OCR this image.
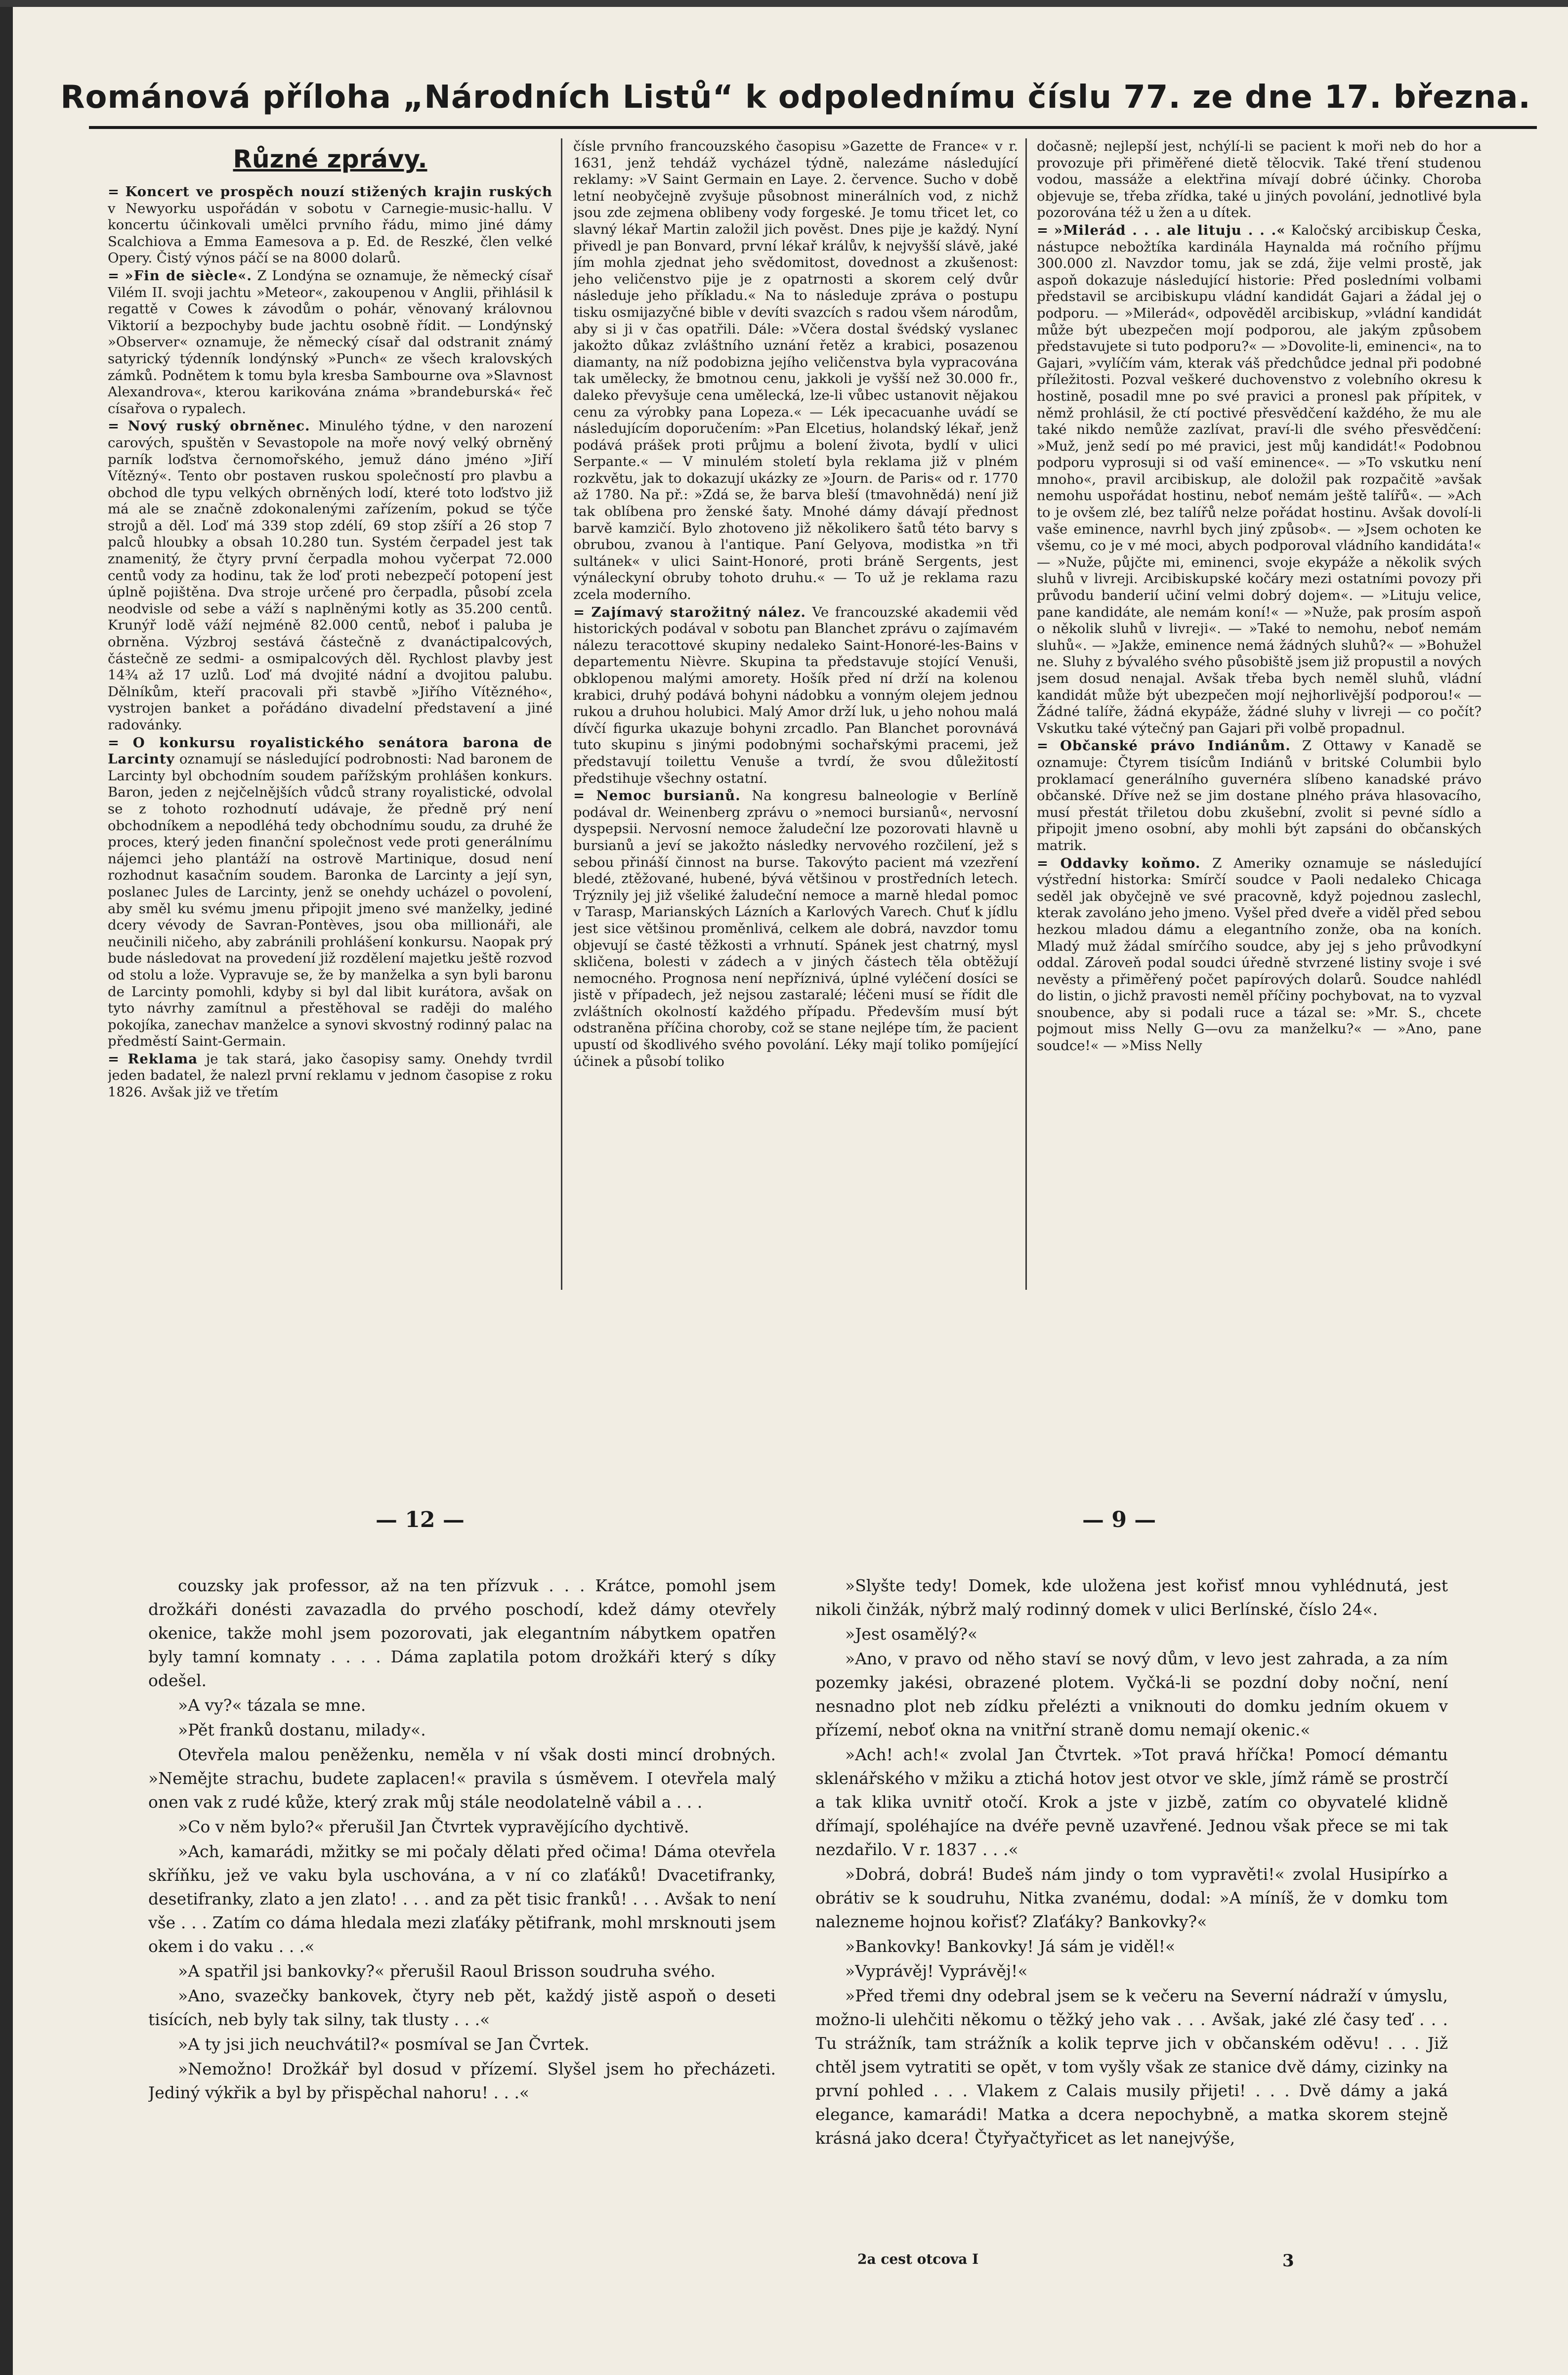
Románová příloha „Národních Listů“ k odpolednímu číslu 77. ze dne 17. března.
Různé zprávy.

= Koncert ve prospěch nouzí stižených krajin ruských v Newyorku uspořádán v sobotu v Carnegie-music-hallu. V koncertu účinkovali umělci prvního řádu, mimo jiné dámy Scalchiova a Emma Eamesova a p. Ed. de Reszké, člen velké Opery. Čistý výnos páčí se na 8000 dolarů.

= »Fin de siècle«. Z Londýna se oznamuje, že německý císař Vilém II. svoji jachtu »Meteor«, zakoupenou v Anglii, přihlásil k regattě v Cowes k závodům o pohár, věnovaný královnou Viktorií a bezpochyby bude jachtu osobně řídit. — Londýnský »Observer« oznamuje, že německý císař dal odstranit známý satyrický týdenník londýnský »Punch« ze všech kralovských zámků. Podnětem k tomu byla kresba Sambourne ova »Slavnost Alexandrova«, kterou karikována známa »brandeburská« řeč císařova o rypalech.

= Nový ruský obrněnec. Minulého týdne, v den narození carových, spuštěn v Sevastopole na moře nový velký obrněný parník loďstva černomořského, jemuž dáno jméno »Jiří Vítězný«. Tento obr postaven ruskou společností pro plavbu a obchod dle typu velkých obrněných lodí, které toto loďstvo již má ale se značně zdokonalenými zařízením, pokud se týče strojů a děl. Loď má 339 stop zdélí, 69 stop zšíří a 26 stop 7 palců hloubky a obsah 10.280 tun. Systém čerpadel jest tak znamenitý, že čtyry první čerpadla mohou vyčerpat 72.000 centů vody za hodinu, tak že loď proti nebezpečí potopení jest úplně pojištěna. Dva stroje určené pro čerpadla, působí zcela neodvisle od sebe a váží s naplněnými kotly as 35.200 centů. Krunýř lodě váží nejméně 82.000 centů, neboť i paluba je obrněna. Výzbroj sestává částečně z dvanáctipalcových, částečně ze sedmi- a osmipalcových děl. Rychlost plavby jest 14¾ až 17 uzlů. Loď má dvojité nádní a dvojitou palubu. Dělníkům, kteří pracovali při stavbě »Jiřího Vítězného«, vystrojen banket a pořádáno divadelní představení a jiné radovánky.

= O konkursu royalistického senátora barona de Larcinty oznamují se následující podrobnosti: Nad baronem de Larcinty byl obchodním soudem pařížským prohlášen konkurs. Baron, jeden z nejčelnějších vůdců strany royalistické, odvolal se z tohoto rozhodnutí udávaje, že předně prý není obchodníkem a nepodléhá tedy obchodnímu soudu, za druhé že proces, který jeden finanční společnost vede proti generálnímu nájemci jeho plantáží na ostrově Martinique, dosud není rozhodnut kasačním soudem. Baronka de Larcinty a její syn, poslanec Jules de Larcinty, jenž se onehdy ucházel o povolení, aby směl ku svému jmenu připojit jmeno své manželky, jediné dcery vévody de Savran-Pontèves, jsou oba millionáři, ale neučinili ničeho, aby zabránili prohlášení konkursu. Naopak prý bude následovat na provedení již rozdělení majetku ještě rozvod od stolu a lože. Vypravuje se, že by manželka a syn byli baronu de Larcinty pomohli, kdyby si byl dal libit kurátora, avšak on tyto návrhy zamítnul a přestěhoval se raději do malého pokojíka, zanechav manželce a synovi skvostný rodinný palac na předměstí Saint-Germain.

= Reklama je tak stará, jako časopisy samy. Onehdy tvrdil jeden badatel, že nalezl první reklamu v jednom časopise z roku 1826. Avšak již ve třetím

čísle prvního francouzského časopisu »Gazette de France« v r. 1631, jenž tehdáž vycházel týdně, nalezáme následující reklamy: »V Saint Germain en Laye. 2. července. Sucho v době letní neobyčejně zvyšuje působnost minerálních vod, z nichž jsou zde zejmena oblibeny vody forgeské. Je tomu třicet let, co slavný lékař Martin založil jich pověst. Dnes pije je každý. Nyní přivedl je pan Bonvard, první lékař králův, k nejvyšší slávě, jaké jím mohla zjednat jeho svědomitost, dovednost a zkušenost: jeho veličenstvo pije je z opatrnosti a skorem celý dvůr následuje jeho příkladu.« Na to následuje zpráva o postupu tisku osmijazyčné bible v devíti svazcích s radou všem národům, aby si ji v čas opatřili. Dále: »Včera dostal švédský vyslanec jakožto důkaz zvláštního uznání řetěz a krabici, posazenou diamanty, na níž podobizna jejího veličenstva byla vypracována tak umělecky, že bmotnou cenu, jakkoli je vyšší než 30.000 fr., daleko převyšuje cena umělecká, lze-li vůbec ustanovit nějakou cenu za výrobky pana Lopeza.« — Lék ipecacuanhe uvádí se následujícím doporučením: »Pan Elcetius, holandský lékař, jenž podává prášek proti průjmu a bolení života, bydlí v ulici Serpante.« — V minulém století byla reklama již v plném rozkvětu, jak to dokazují ukázky ze »Journ. de Paris« od r. 1770 až 1780. Na př.: »Zdá se, že barva bleší (tmavohnědá) není již tak oblíbena pro ženské šaty. Mnohé dámy dávají přednost barvě kamzičí. Bylo zhotoveno již několikero šatů této barvy s obrubou, zvanou à l'antique. Paní Gelyova, modistka »n tři sultánek« v ulici Saint-Honoré, proti bráně Sergents, jest výnáleckyní obruby tohoto druhu.« — To už je reklama razu zcela moderního.

= Zajímavý starožitný nález. Ve francouzské akademii věd historických podával v sobotu pan Blanchet zprávu o zajímavém nálezu teracottové skupiny nedaleko Saint-Honoré-les-Bains v departementu Nièvre. Skupina ta představuje stojící Venuši, obklopenou malými amorety. Hošík před ní drží na kolenou krabici, druhý podává bohyni nádobku a vonným olejem jednou rukou a druhou holubici. Malý Amor drží luk, u jeho nohou malá dívčí figurka ukazuje bohyni zrcadlo. Pan Blanchet porovnává tuto skupinu s jinými podobnými sochařskými pracemi, jež představují toilettu Venuše a tvrdí, že svou důležitostí předstihuje všechny ostatní.

= Nemoc bursianů. Na kongresu balneologie v Berlíně podával dr. Weinenberg zprávu o »nemoci bursianů«, nervosní dyspepsii. Nervosní nemoce žaludeční lze pozorovati hlavně u bursianů a jeví se jakožto následky nervového rozčilení, jež s sebou přináší činnost na burse. Takovýto pacient má vzezření bledé, ztěžované, hubené, bývá většinou v prostředních letech. Trýznily jej již všeliké žaludeční nemoce a marně hledal pomoc v Tarasp, Marianských Lázních a Karlových Varech. Chuť k jídlu jest sice většinou proměnlivá, celkem ale dobrá, navzdor tomu objevují se časté těžkosti a vrhnutí. Spánek jest chatrný, mysl skličena, bolesti v zádech a v jiných částech těla obtěžují nemocného. Prognosa není nepříznivá, úplné vyléčení dosíci se jistě v případech, jež nejsou zastaralé; léčeni musí se řídit dle zvláštních okolností každého případu. Především musí být odstraněna příčina choroby, což se stane nejlépe tím, že pacient upustí od škodlivého svého povolání. Léky mají toliko pomíjející účinek a působí toliko

dočasně; nejlepší jest, nchýlí-li se pacient k moři neb do hor a provozuje při přiměřené dietě tělocvik. Také tření studenou vodou, massáže a elektřina mívají dobré účinky. Choroba objevuje se, třeba zřídka, také u jiných povolání, jednotlivé byla pozorována též u žen a u dítek.

= »Milerád . . . ale lituju . . .« Kaločský arcibiskup Česka, nástupce nebožtíka kardinála Haynalda má ročního příjmu 300.000 zl. Navzdor tomu, jak se zdá, žije velmi prostě, jak aspoň dokazuje následující historie: Před posledními volbami představil se arcibiskupu vládní kandidát Gajari a žádal jej o podporu. — »Milerád«, odpověděl arcibiskup, »vládní kandidát může být ubezpečen mojí podporou, ale jakým způsobem představujete si tuto podporu?« — »Dovolite-li, eminenci«, na to Gajari, »vylíčím vám, kterak váš předchůdce jednal při podobné příležitosti. Pozval veškeré duchovenstvo z volebního okresu k hostině, posadil mne po své pravici a pronesl pak přípitek, v němž prohlásil, že ctí poctivé přesvědčení každého, že mu ale také nikdo nemůže zazlívat, praví-li dle svého přesvědčení: »Muž, jenž sedí po mé pravici, jest můj kandidát!« Podobnou podporu vyprosuji si od vaší eminence«. — »To vskutku není mnoho«, pravil arcibiskup, ale doložil pak rozpačitě »avšak nemohu uspořádat hostinu, neboť nemám ještě talířů«. — »Ach to je ovšem zlé, bez talířů nelze pořádat hostinu. Avšak dovolí-li vaše eminence, navrhl bych jiný způsob«. — »Jsem ochoten ke všemu, co je v mé moci, abych podporoval vládního kandidáta!« — »Nuže, půjčte mi, eminenci, svoje ekypáže a několik svých sluhů v livreji. Arcibiskupské kočáry mezi ostatními povozy při průvodu banderií učiní velmi dobrý dojem«. — »Lituju velice, pane kandidáte, ale nemám koní!« — »Nuže, pak prosím aspoň o několik sluhů v livreji«. — »Také to nemohu, neboť nemám sluhů«. — »Jakže, eminence nemá žádných sluhů?« — »Bohužel ne. Sluhy z bývalého svého působiště jsem již propustil a nových jsem dosud nenajal. Avšak třeba bych neměl sluhů, vládní kandidát může být ubezpečen mojí nejhorlivější podporou!« — Žádné talíře, žádná ekypáže, žádné sluhy v livreji — co počít? Vskutku také výtečný pan Gajari při volbě propadnul.

= Občanské právo Indiánům. Z Ottawy v Kanadě se oznamuje: Čtyrem tisícům Indiánů v britské Columbii bylo proklamací generálního guvernéra slíbeno kanadské právo občanské. Dříve než se jim dostane plného práva hlasovacího, musí přestát třiletou dobu zkušební, zvolit si pevné sídlo a připojit jmeno osobní, aby mohli být zapsáni do občanských matrik.

= Oddavky koňmo. Z Ameriky oznamuje se následující výstřední historka: Smírčí soudce v Paoli nedaleko Chicaga seděl jak obyčejně ve své pracovně, když pojednou zaslechl, kterak zavoláno jeho jmeno. Vyšel před dveře a viděl před sebou hezkou mladou dámu a elegantního zonže, oba na koních. Mladý muž žádal smírčího soudce, aby jej s jeho průvodkyní oddal. Zároveň podal soudci úředně stvrzené listiny svoje i své nevěsty a přiměřený počet papírových dolarů. Soudce nahlédl do listin, o jichž pravosti neměl příčiny pochybovat, na to vyzval snoubence, aby si podali ruce a tázal se: »Mr. S., chcete pojmout miss Nelly G—ovu za manželku?« — »Ano, pane soudce!« — »Miss Nelly

— 12 —	— 9 —

couzsky jak professor, až na ten přízvuk . . . Krátce, pomohl jsem drožkáři donésti zavazadla do prvého poschodí, kdež dámy otevřely okenice, takže mohl jsem pozorovati, jak elegantním nábytkem opatřen byly tamní komnaty . . . . Dáma zaplatila potom drožkáři který s díky odešel.

»A vy?« tázala se mne.

»Pět franků dostanu, milady«.

Otevřela malou peněženku, neměla v ní však dosti mincí drobných. »Nemějte strachu, budete zaplacen!« pravila s úsměvem. I otevřela malý onen vak z rudé kůže, který zrak můj stále neodolatelně vábil a . . .

»Co v něm bylo?« přerušil Jan Čtvrtek vypravějícího dychtivě.

»Ach, kamarádi, mžitky se mi počaly dělati před očima! Dáma otevřela skříňku, jež ve vaku byla uschována, a v ní co zlaťáků! Dvacetifranky, desetifranky, zlato a jen zlato! . . . and za pět tisic franků! . . . Avšak to není vše . . . Zatím co dáma hledala mezi zlaťáky pětifrank, mohl mrsknouti jsem okem i do vaku . . .«

»A spatřil jsi bankovky?« přerušil Raoul Brisson soudruha svého.

»Ano, svazečky bankovek, čtyry neb pět, každý jistě aspoň o deseti tisících, neb byly tak silny, tak tlusty . . .«

»A ty jsi jich neuchvátil?« posmíval se Jan Čvrtek.

»Nemožno! Drožkář byl dosud v přízemí. Slyšel jsem ho přecházeti. Jediný výkřik a byl by přispěchal nahoru! . . .«

»Slyšte tedy! Domek, kde uložena jest kořisť mnou vyhlédnutá, jest nikoli činžák, nýbrž malý rodinný domek v ulici Berlínské, číslo 24«.

»Jest osamělý?«

»Ano, v pravo od něho staví se nový dům, v levo jest zahrada, a za ním pozemky jakési, obrazené plotem. Vyčká-li se pozdní doby noční, není nesnadno plot neb zídku přelézti a vniknouti do domku jedním okuem v přízemí, neboť okna na vnitřní straně domu nemají okenic.«

»Ach! ach!« zvolal Jan Čtvrtek. »Tot pravá hříčka! Pomocí démantu sklenářského v mžiku a ztichá hotov jest otvor ve skle, jímž rámě se prostrčí a tak klika uvnitř otočí. Krok a jste v jizbě, zatím co obyvatelé klidně dřímají, spoléhajíce na dvéře pevně uzavřené. Jednou však přece se mi tak nezdařilo. V r. 1837 . . .«

»Dobrá, dobrá! Budeš nám jindy o tom vypravěti!« zvolal Husipírko a obrátiv se k soudruhu, Nitka zvanému, dodal: »A míníš, že v domku tom nalezneme hojnou kořisť? Zlaťáky? Bankovky?«

»Bankovky! Bankovky! Já sám je viděl!«

»Vyprávěj! Vyprávěj!«

»Před třemi dny odebral jsem se k večeru na Severní nádraží v úmyslu, možno-li ulehčiti někomu o těžký jeho vak . . . Avšak, jaké zlé časy teď . . . Tu strážník, tam strážník a kolik teprve jich v občanském oděvu! . . . Již chtěl jsem vytratiti se opět, v tom vyšly však ze stanice dvě dámy, cizinky na první pohled . . . Vlakem z Calais musily přijeti! . . . Dvě dámy a jaká elegance, kamarádi! Matka a dcera nepochybně, a matka skorem stejně krásná jako dcera! Čtyřyačtyřicet as let nanejvýše,

2a cest otcova I	3
